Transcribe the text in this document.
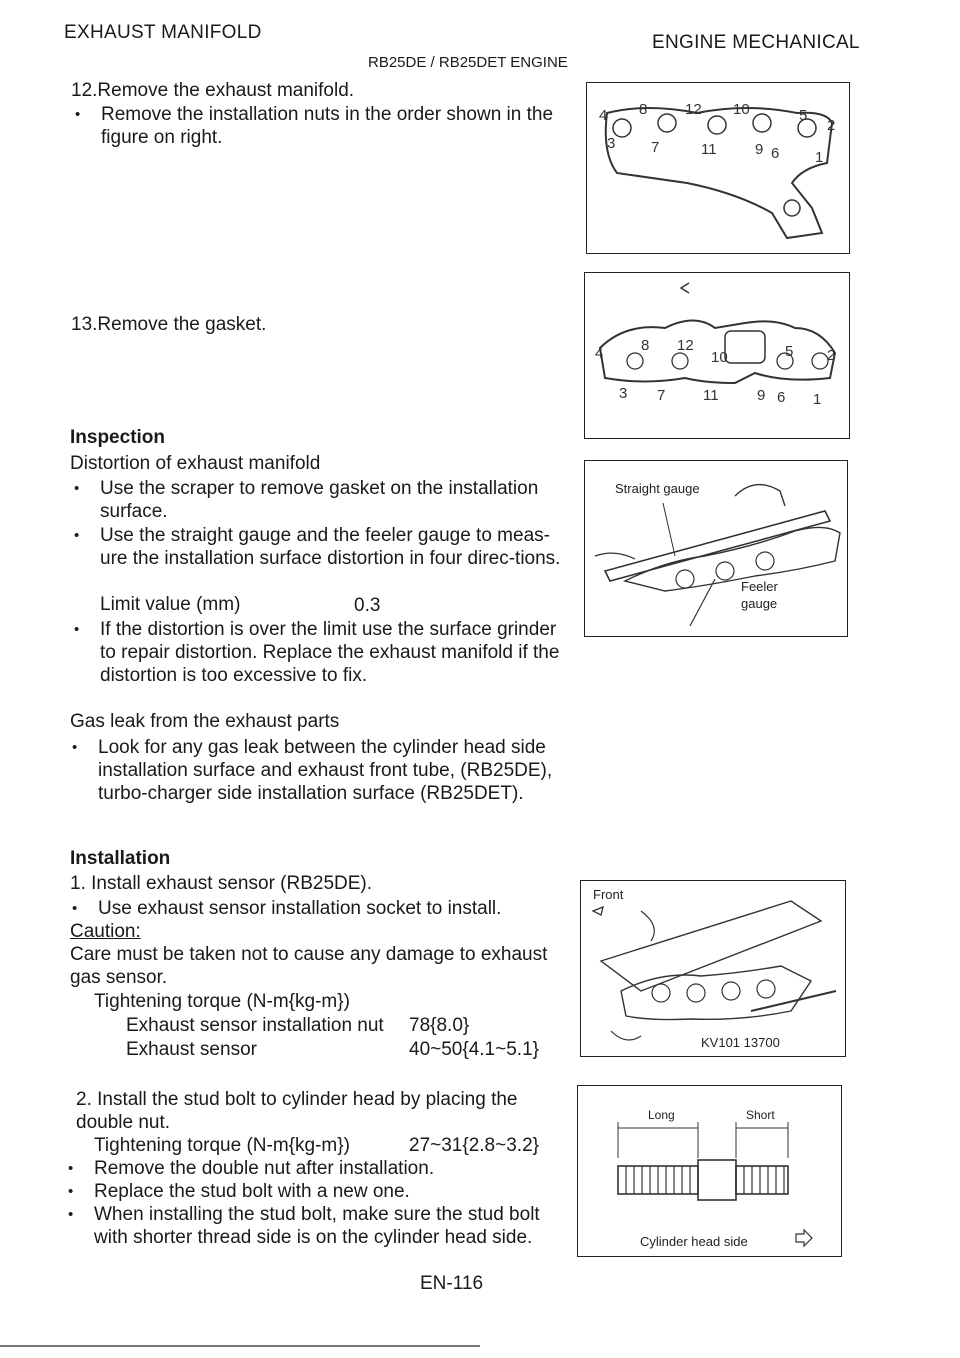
EXHAUST MANIFOLD	ENGINE MECHANICAL
RB25DE / RB25DET ENGINE
12.Remove the exhaust manifold.
• Remove the installation nuts in the order shown in the figure on right.
13.Remove the gasket.
Inspection
Distortion of exhaust manifold
• Use the scraper to remove gasket on the installation surface.
• Use the straight gauge and the feeler gauge to meas-ure the installation surface distortion in four direc-tions.
Limit value (mm)	0.3
• If the distortion is over the limit use the surface grinder to repair distortion. Replace the exhaust manifold if the distortion is too excessive to fix.
Gas leak from the exhaust parts
• Look for any gas leak between the cylinder head side installation surface and exhaust front tube, (RB25DE), turbo-charger side installation surface (RB25DET).
Installation
1. Install exhaust sensor (RB25DE).
• Use exhaust sensor installation socket to install.
Caution:
Care must be taken not to cause any damage to exhaust gas sensor.
Tightening torque (N-m{kg-m})
Exhaust sensor installation nut 78{8.0}
Exhaust sensor	40~50{4.1~5.1}
2. Install the stud bolt to cylinder head by placing the double nut.
Tightening torque (N-m{kg-m})	27~31{2.8~3.2}
• Remove the double nut after installation.
• Replace the stud bolt with a new one.
• When installing the stud bolt, make sure the stud bolt with shorter thread side is on the cylinder head side.
4 8	12 10	5
2
3 7	11	9 6 1
4	8 12
10	5 2
3 7	11	9 6 1
Straight gauge
Feeler
gauge
Front
KV101 13700
Long	Short
Cylinder head side
EN-116
